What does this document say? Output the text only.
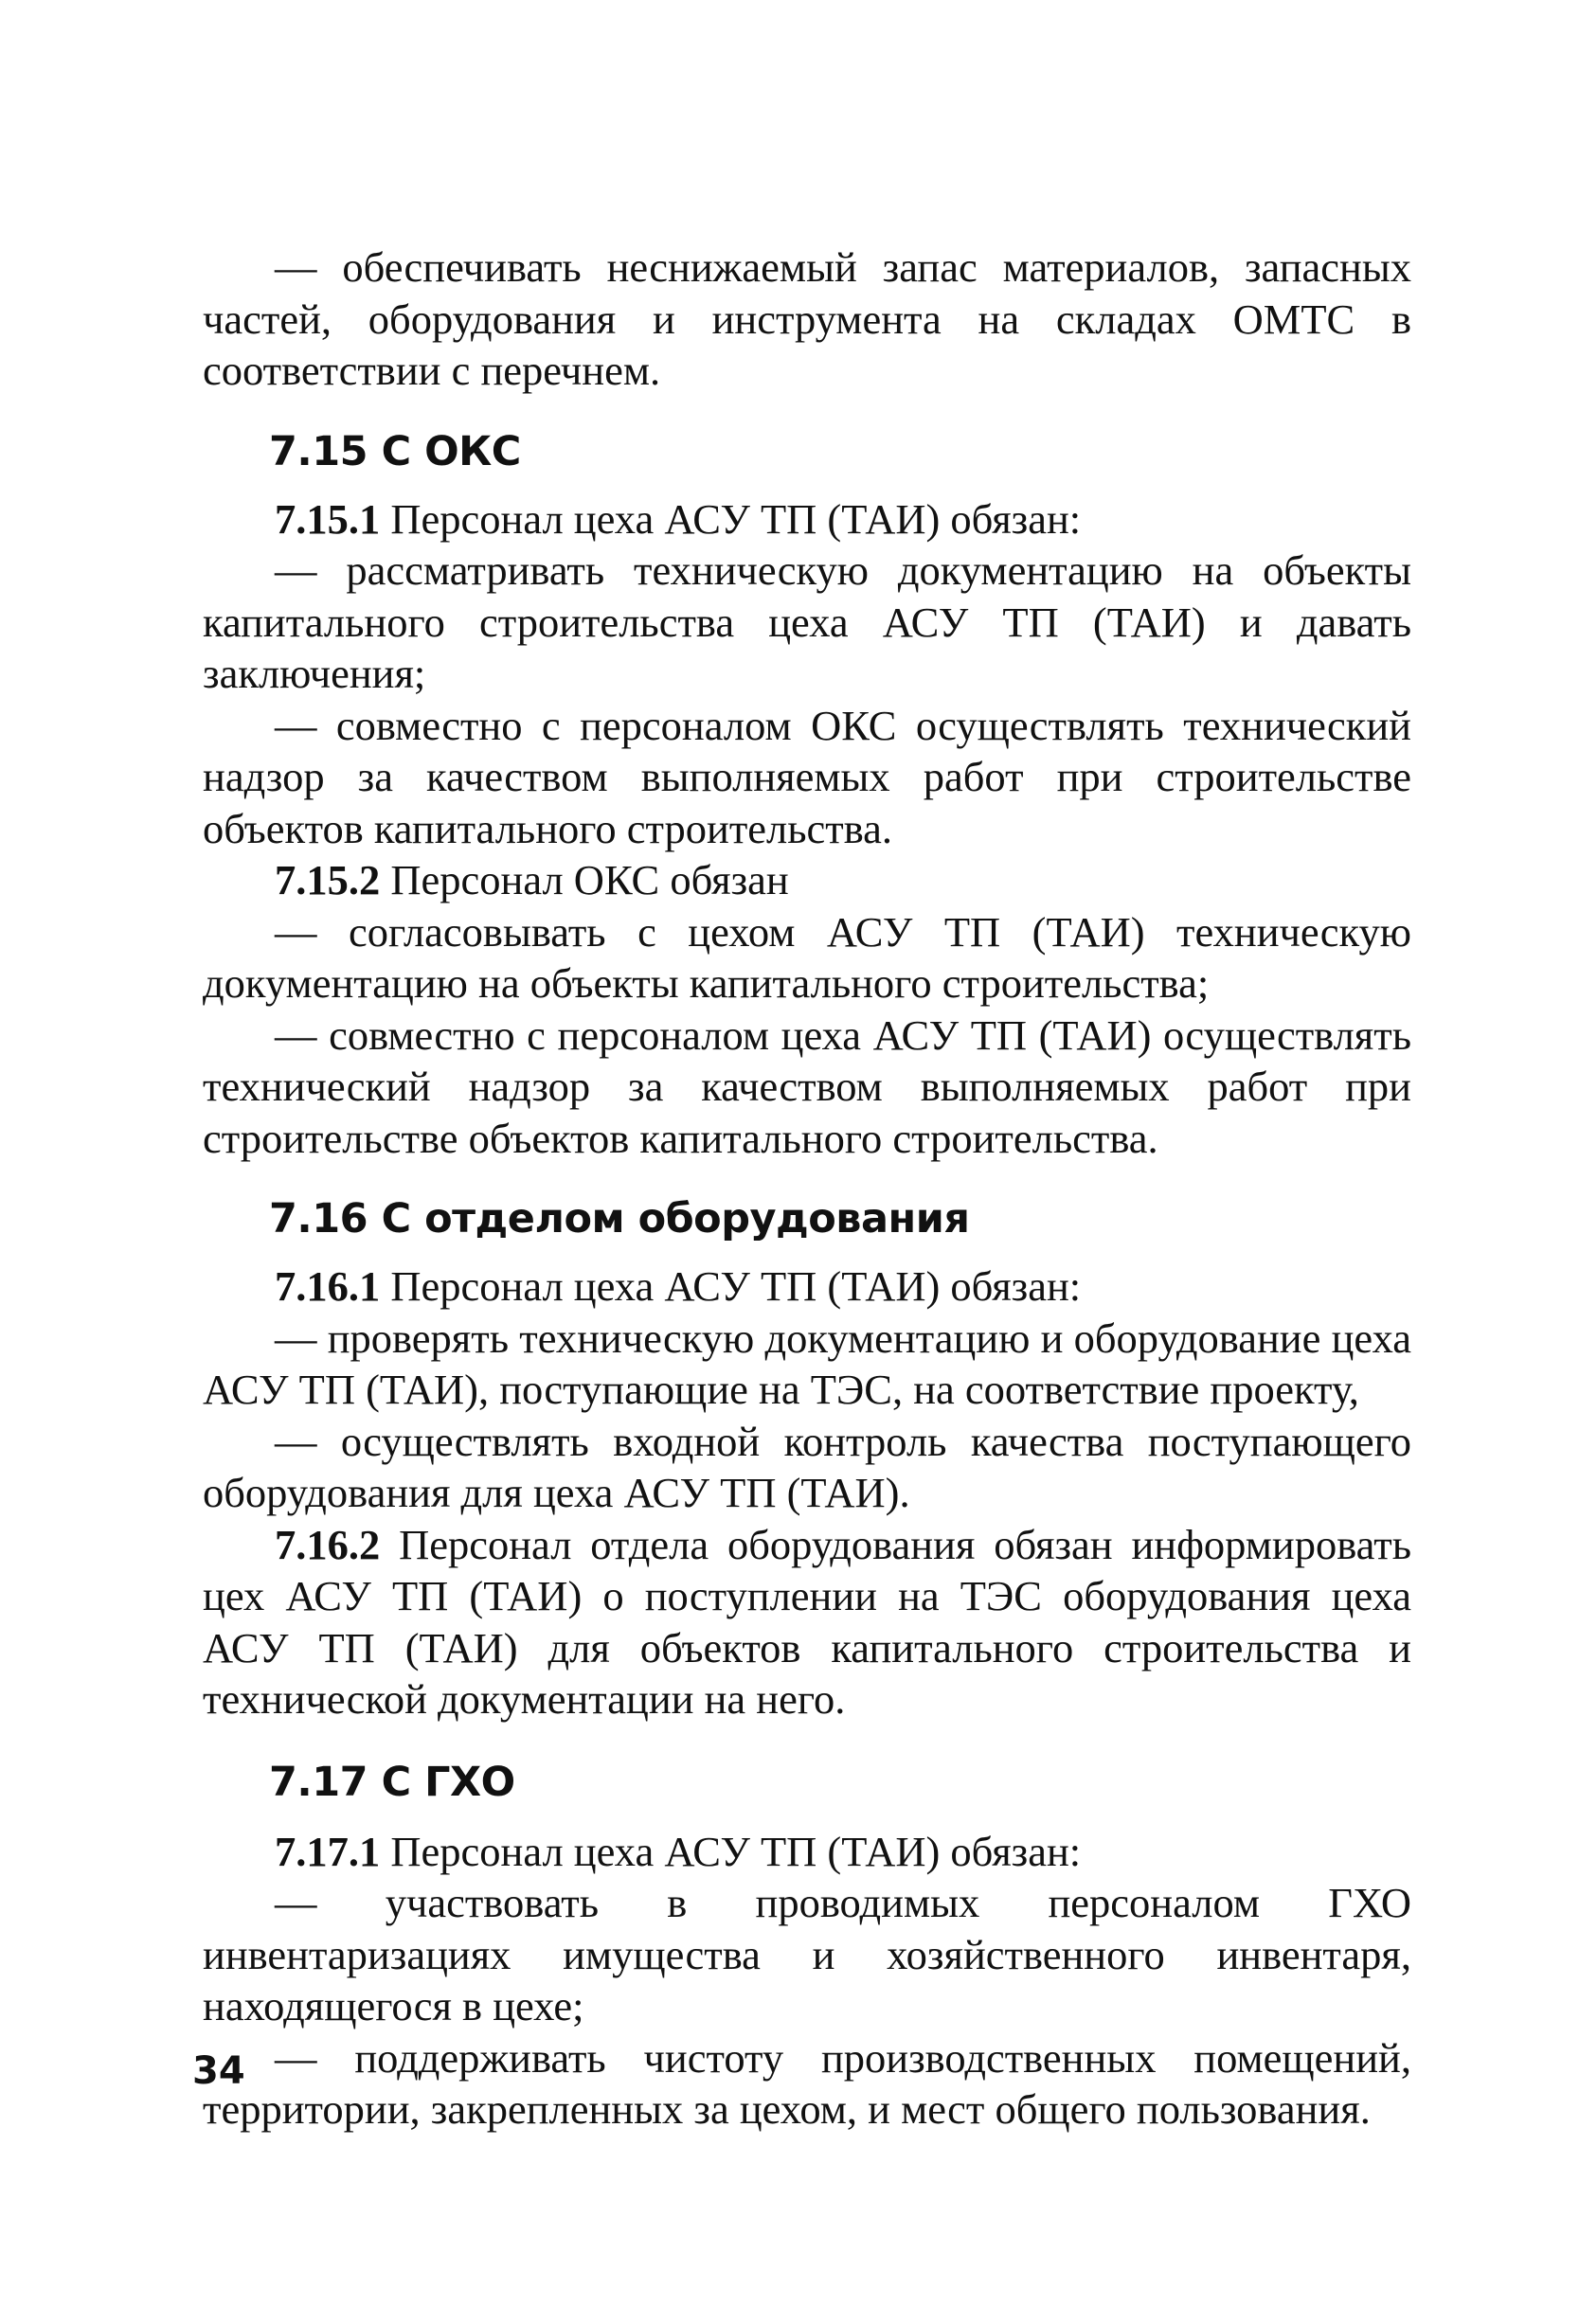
— обеспечивать неснижаемый запас материалов, запасных частей, оборудования и инструмента на складах ОМТС в соответствии с перечнем.

7.15 С ОКС

7.15.1 Персонал цеха АСУ ТП (ТАИ) обязан:

— рассматривать техническую документацию на объекты капитального строительства цеха АСУ ТП (ТАИ) и давать заключения;

— совместно с персоналом ОКС осуществлять технический надзор за качеством выполняемых работ при строительстве объектов капитального строительства.

7.15.2 Персонал ОКС обязан

— согласовывать с цехом АСУ ТП (ТАИ) техническую документацию на объекты капитального строительства;

— совместно с персоналом цеха АСУ ТП (ТАИ) осуществлять технический надзор за качеством выполняемых работ при строительстве объектов капитального строительства.

7.16 С отделом оборудования

7.16.1 Персонал цеха АСУ ТП (ТАИ) обязан:

— проверять техническую документацию и оборудование цеха АСУ ТП (ТАИ), поступающие на ТЭС, на соответствие проекту,

— осуществлять входной контроль качества поступающего оборудования для цеха АСУ ТП (ТАИ).

7.16.2 Персонал отдела оборудования обязан информировать цех АСУ ТП (ТАИ) о поступлении на ТЭС оборудования цеха АСУ ТП (ТАИ) для объектов капитального строительства и технической документации на него.

7.17 С ГХО

7.17.1 Персонал цеха АСУ ТП (ТАИ) обязан:

— участвовать в проводимых персоналом ГХО инвентаризациях имущества и хозяйственного инвентаря, находящегося в цехе;

— поддерживать чистоту производственных помещений, территории, закрепленных за цехом, и мест общего пользования.

34
